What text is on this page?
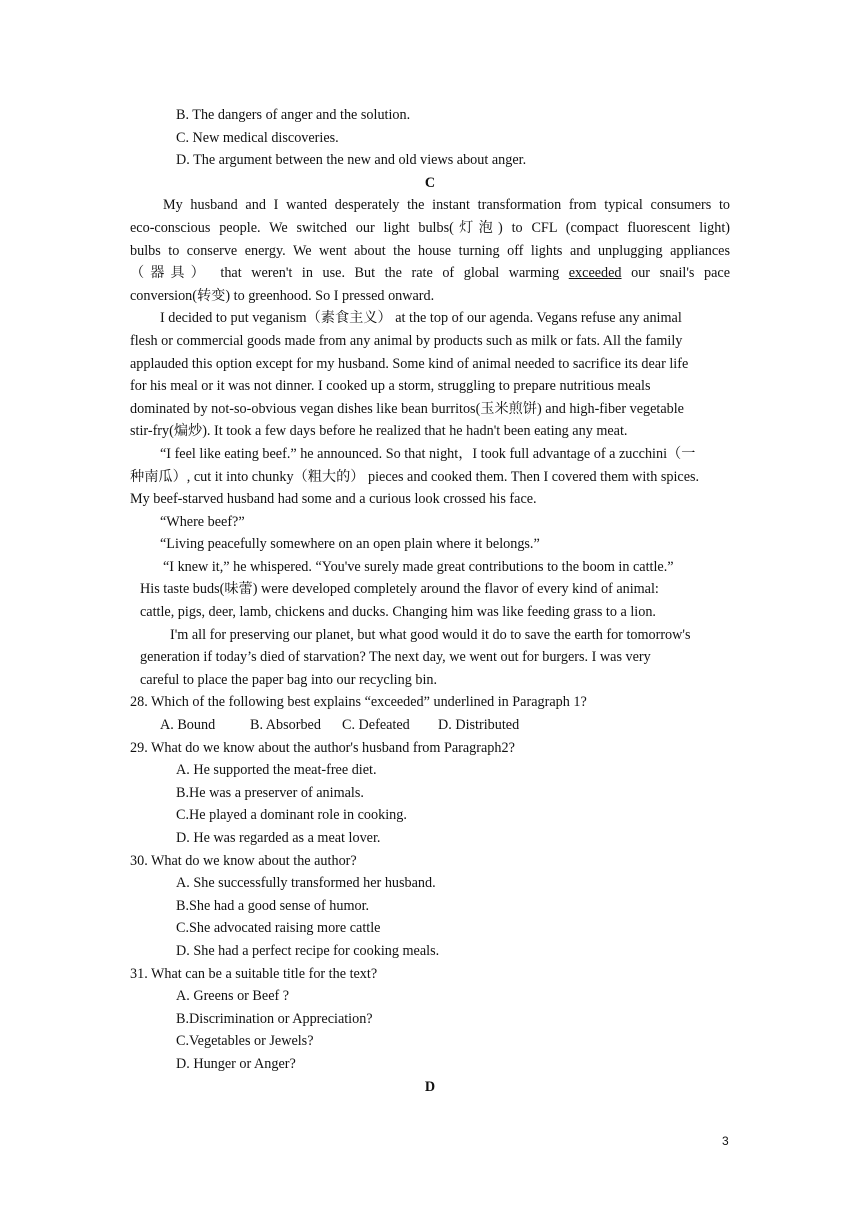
B. The dangers of anger and the solution.
C. New medical discoveries.
D. The argument between the new and old views about anger.
C
My husband and I wanted desperately the instant transformation from typical consumers to
eco-conscious people. We switched our light bulbs(灯泡) to CFL (compact fluorescent light)
bulbs to conserve energy. We went about the house turning off lights and unplugging appliances
（器具） that weren't in use. But the rate of global warming exceeded our snail's pace
conversion(转变) to greenhood. So I pressed onward.
I decided to put veganism（素食主义） at the top of our agenda. Vegans refuse any animal
flesh or commercial goods made from any animal by products such as milk or fats. All the family
applauded this option except for my husband. Some kind of animal needed to sacrifice its dear life
for his meal or it was not dinner. I cooked up a storm, struggling to prepare nutritious meals
dominated by not-so-obvious vegan dishes like bean burritos(玉米煎饼) and high-fiber vegetable
stir-fry(煸炒). It took a few days before he realized that he hadn't been eating any meat.
“I feel like eating beef.” he announced. So that night，I took full advantage of a zucchini（一
种南瓜）, cut it into chunky（粗大的） pieces and cooked them. Then I covered them with spices.
My beef-starved husband had some and a curious look crossed his face.
“Where beef?”
“Living peacefully somewhere on an open plain where it belongs.”
“I knew it,” he whispered. “You've surely made great contributions to the boom in cattle.”
His taste buds(味蕾) were developed completely around the flavor of every kind of animal:
cattle, pigs, deer, lamb, chickens and ducks. Changing him was like feeding grass to a lion.
I'm all for preserving our planet, but what good would it do to save the earth for tomorrow's
generation if today’s died of starvation? The next day, we went out for burgers. I was very
careful to place the paper bag into our recycling bin.
28. Which of the following best explains “exceeded” underlined in Paragraph 1?
A. Bound B. Absorbed C. Defeated D. Distributed
29. What do we know about the author's husband from Paragraph2?
A. He supported the meat-free diet.
B.He was a preserver of animals.
C.He played a dominant role in cooking.
D. He was regarded as a meat lover.
30. What do we know about the author?
A. She successfully transformed her husband.
B.She had a good sense of humor.
C.She advocated raising more cattle
D. She had a perfect recipe for cooking meals.
31. What can be a suitable title for the text?
A. Greens or Beef ?
B.Discrimination or Appreciation?
C.Vegetables or Jewels?
D. Hunger or Anger?
D
3
